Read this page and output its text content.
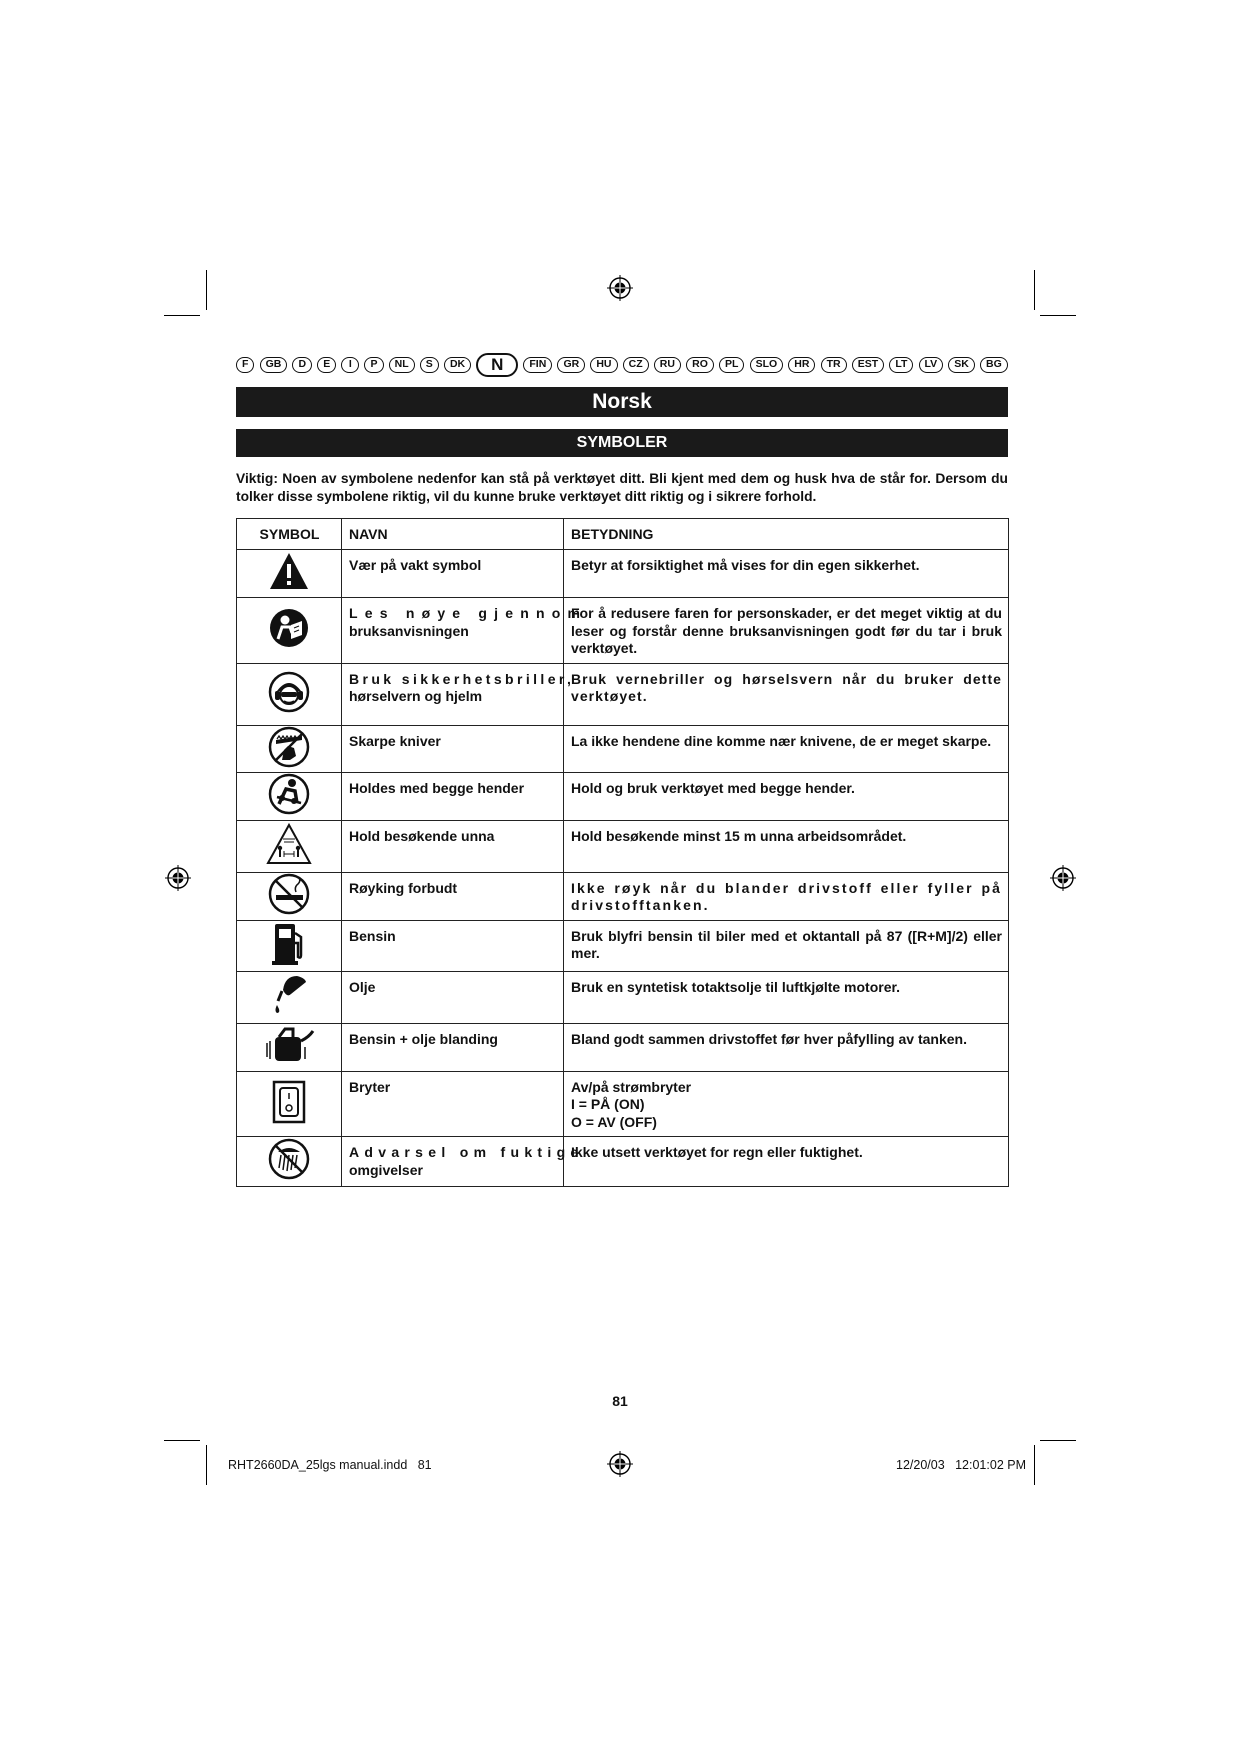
F	GB	D	E	I	P	NL	S	DK	N	FIN	GR	HU	CZ	RU	RO	PL	SLO	HR	TR	EST	LT	LV	SK	BG
Norsk
SYMBOLER
Viktig: Noen av symbolene nedenfor kan stå på verktøyet ditt. Bli kjent med dem og husk hva de står for. Dersom du tolker disse symbolene riktig, vil du kunne bruke verktøyet ditt riktig og i sikrere forhold.
SYMBOL	NAVN	BETYDNING

	Vær på vakt symbol	Betyr at forsiktighet må vises for din egen sikkerhet.

Les nøye gjennom
bruksanvisningen	For å redusere faren for personskader, er det meget viktig at du leser og forstår denne bruksanvisningen godt før du tar i bruk verktøyet.

Bruk sikkerhetsbriller,
hørselvern og hjelm	Bruk vernebriller og hørselsvern når du bruker dette verktøyet.

	Skarpe kniver	La ikke hendene dine komme nær knivene, de er meget skarpe.

	Holdes med begge hender	Hold og bruk verktøyet med begge hender.

	Hold besøkende unna	Hold besøkende minst 15 m unna arbeidsområdet.

	Røyking forbudt	Ikke røyk når du blander drivstoff eller fyller på drivstofftanken.

	Bensin	Bruk blyfri bensin til biler med et oktantall på 87 ([R+M]/2) eller mer.

	Olje	Bruk en syntetisk totaktsolje til luftkjølte motorer.

	Bensin + olje blanding	Bland godt sammen drivstoffet før hver påfylling av tanken.

	Bryter	Av/på strømbryter
I = PÅ (ON)
O = AV (OFF)

Advarsel om fuktige
omgivelser	Ikke utsett verktøyet for regn eller fuktighet.
81
RHT2660DA_25lgs manual.indd   81	12/20/03   12:01:02 PM
